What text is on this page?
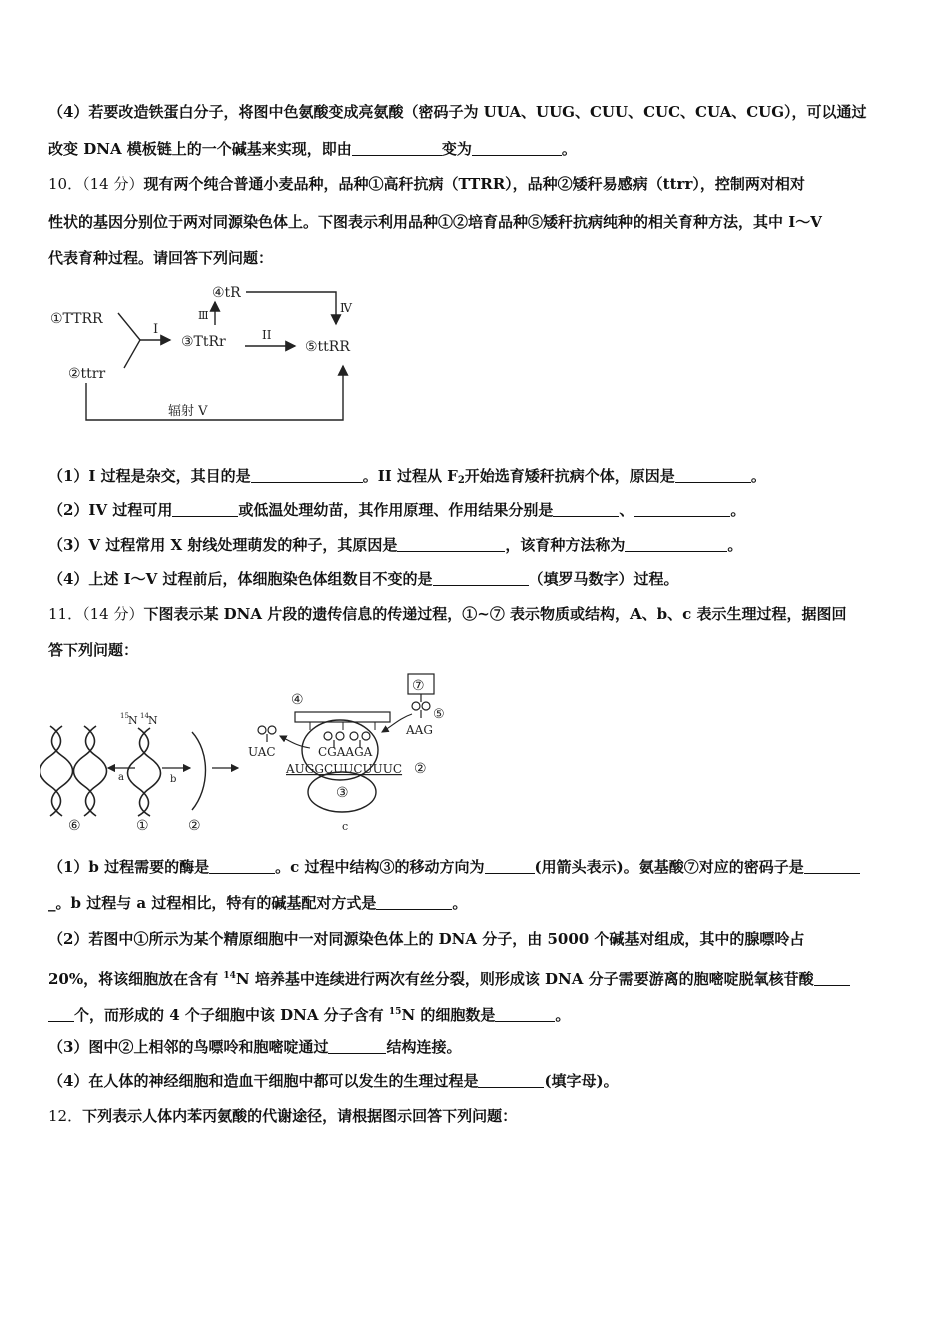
（4）若要改造铁蛋白分子，将图中色氨酸变成亮氨酸（密码子为 UUA、UUG、CUU、CUC、CUA、CUG），可以通过
改变 DNA 模板链上的一个碱基来实现，即由	变为	。
10．（14 分）现有两个纯合普通小麦品种，品种①高秆抗病（TTRR），品种②矮秆易感病（ttrr），控制两对相对
性状的基因分别位于两对同源染色体上。下图表示利用品种①②培育品种⑤矮秆抗病纯种的相关育种方法，其中 I～V
代表育种过程。请回答下列问题：
①TTRR
②ttrr
I
③TtRr
Ⅲ
④tR
Ⅳ
II
⑤ttRR
辐射 V
（1）I 过程是杂交，其目的是	。II 过程从 $F_2$开始选育矮秆抗病个体，原因是	。
（2）IV 过程可用	或低温处理幼苗，其作用原理、作用结果分别是	、	。
（3）V 过程常用 X 射线处理萌发的种子，其原因是	，该育种方法称为	。
（4）上述 I～V 过程前后，体细胞染色体组数目不变的是	（填罗马数字）过程。
11．（14 分）下图表示某 DNA 片段的遗传信息的传递过程，①~⑦ 表示物质或结构，A、b、c 表示生理过程，据图回
答下列问题：
⑥
a
15 N 14 N
①
b
②
④
UAC	CGAAGA
AUGGCUUCUUUC ②
③
c
⑦
⑤
AAG
（1）b 过程需要的酶是	。c 过程中结构③的移动方向为	(用箭头表示)。氨基酸⑦对应的密码子是
_。b 过程与 a 过程相比，特有的碱基配对方式是	。
（2）若图中①所示为某个精原细胞中一对同源染色体上的 DNA 分子，由 5000 个碱基对组成，其中的腺嘌呤占
20%，将该细胞放在含有 $^{14}$N 培养基中连续进行两次有丝分裂，则形成该 DNA 分子需要游离的胞嘧啶脱氧核苷酸
个，而形成的 4 个子细胞中该 DNA 分子含有 $^{15}$N 的细胞数是	。
（3）图中②上相邻的鸟嘌呤和胞嘧啶通过	结构连接。
（4）在人体的神经细胞和造血干细胞中都可以发生的生理过程是	(填字母)。
12．下列表示人体内苯丙氨酸的代谢途径，请根据图示回答下列问题：
